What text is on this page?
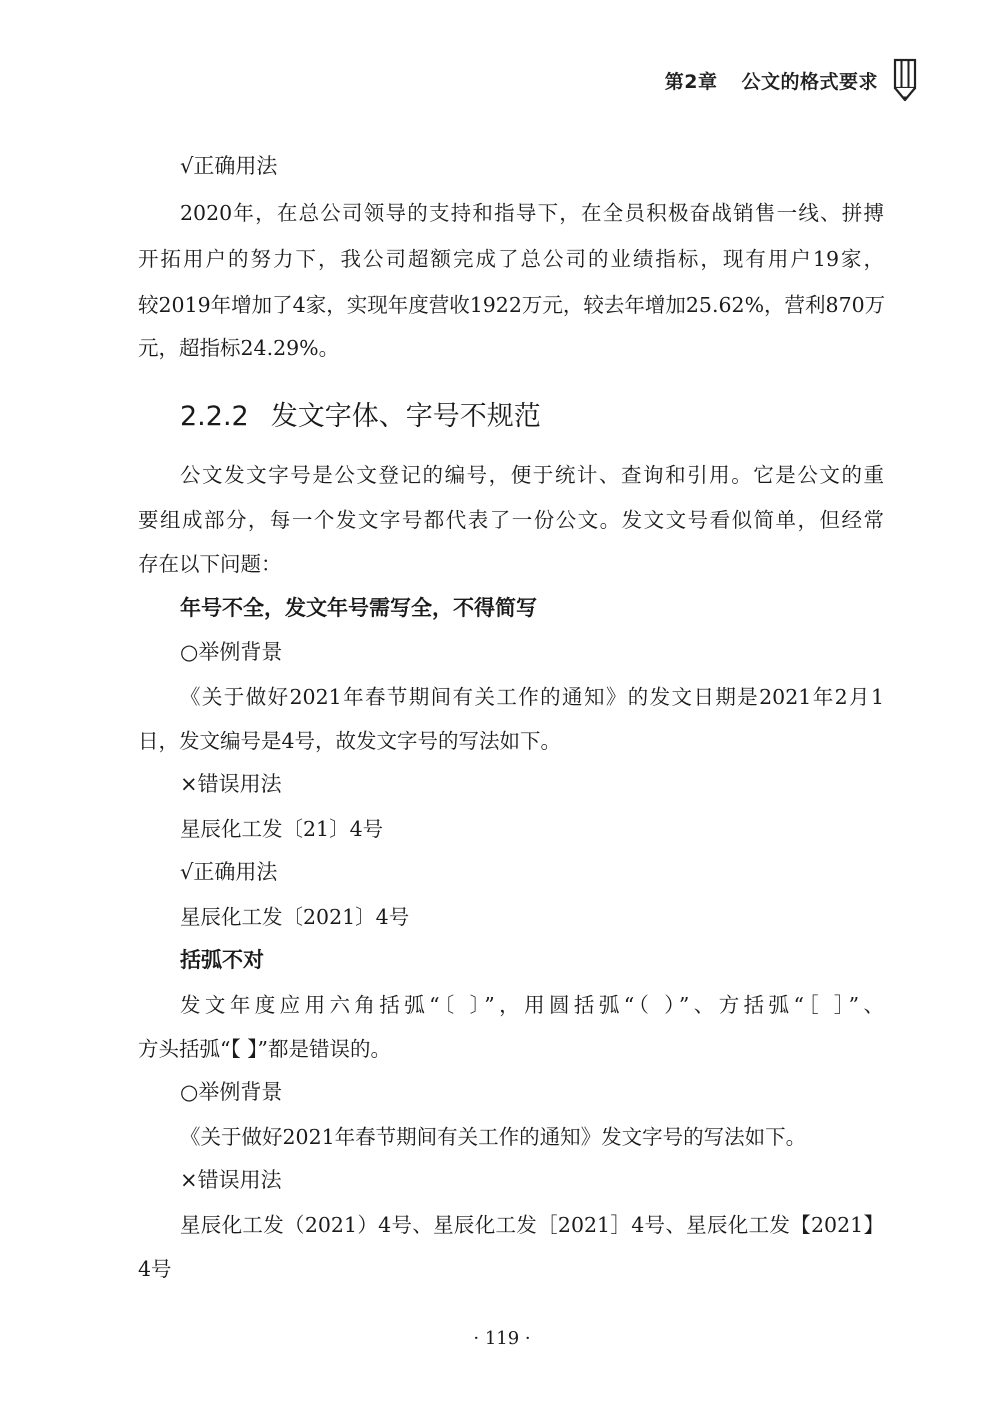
第2章 公文的格式要求
√正确用法
2020年，在总公司领导的支持和指导下，在全员积极奋战销售一线、拼搏
开拓用户的努力下，我公司超额完成了总公司的业绩指标，现有用户19家，
较2019年增加了4家，实现年度营收1922万元，较去年增加25.62%，营利870万
元，超指标24.29%。
2.2.2 发文字体、字号不规范
公文发文字号是公文登记的编号，便于统计、查询和引用。它是公文的重
要组成部分，每一个发文字号都代表了一份公文。发文文号看似简单，但经常
存在以下问题：
年号不全，发文年号需写全，不得简写
○举例背景
《关于做好2021年春节期间有关工作的通知》的发文日期是2021年2月1
日，发文编号是4号，故发文字号的写法如下。
×错误用法
星辰化工发〔21〕4号
√正确用法
星辰化工发〔2021〕4号
括弧不对
发文年度应用六角括弧“〔 〕”，用圆括弧“（ ）”、方括弧“［ ］”、
方头括弧“【 】”都是错误的。
○举例背景
《关于做好2021年春节期间有关工作的通知》发文字号的写法如下。
×错误用法
星辰化工发（2021）4号、星辰化工发［2021］4号、星辰化工发【2021】
4号
· 119 ·
